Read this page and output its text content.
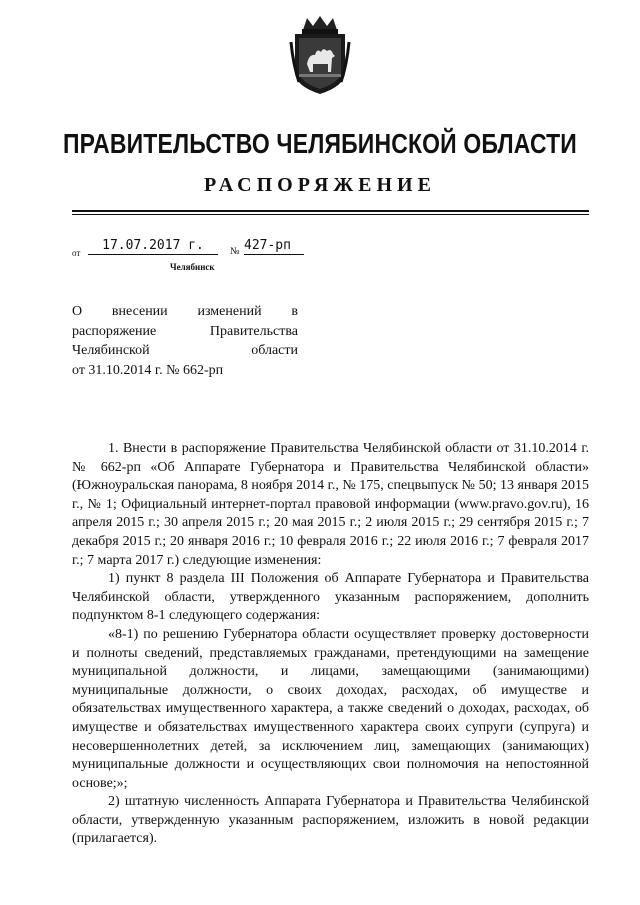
ПРАВИТЕЛЬСТВО ЧЕЛЯБИНСКОЙ ОБЛАСТИ
РАСПОРЯЖЕНИЕ
от	17.07.2017 г.	№ 427-рп
Челябинск
О внесении изменений в
распоряжение Правительства
Челябинской области
от 31.10.2014 г. № 662-рп

1. Внести в распоряжение Правительства Челябинской области от 31.10.2014 г. № 662-рп «Об Аппарате Губернатора и Правительства Челябинской области» (Южноуральская панорама, 8 ноября 2014 г., № 175, спецвыпуск № 50; 13 января 2015 г., № 1; Официальный интернет-портал правовой информации (www.pravo.gov.ru), 16 апреля 2015 г.; 30 апреля 2015 г.; 20 мая 2015 г.; 2 июля 2015 г.; 29 сентября 2015 г.; 7 декабря 2015 г.; 20 января 2016 г.; 10 февраля 2016 г.; 22 июля 2016 г.; 7 февраля 2017 г.; 7 марта 2017 г.) следующие изменения:

1) пункт 8 раздела III Положения об Аппарате Губернатора и Правительства Челябинской области, утвержденного указанным распоряжением, дополнить подпунктом 8-1 следующего содержания:

«8-1) по решению Губернатора области осуществляет проверку достоверности и полноты сведений, представляемых гражданами, претендующими на замещение муниципальной должности, и лицами, замещающими (занимающими) муниципальные должности, о своих доходах, расходах, об имуществе и обязательствах имущественного характера, а также сведений о доходах, расходах, об имуществе и обязательствах имущественного характера своих супруги (супруга) и несовершеннолетних детей, за исключением лиц, замещающих (занимающих) муниципальные должности и осуществляющих свои полномочия на непостоянной основе;»;

2) штатную численность Аппарата Губернатора и Правительства Челябинской области, утвержденную указанным распоряжением, изложить в новой редакции (прилагается).
